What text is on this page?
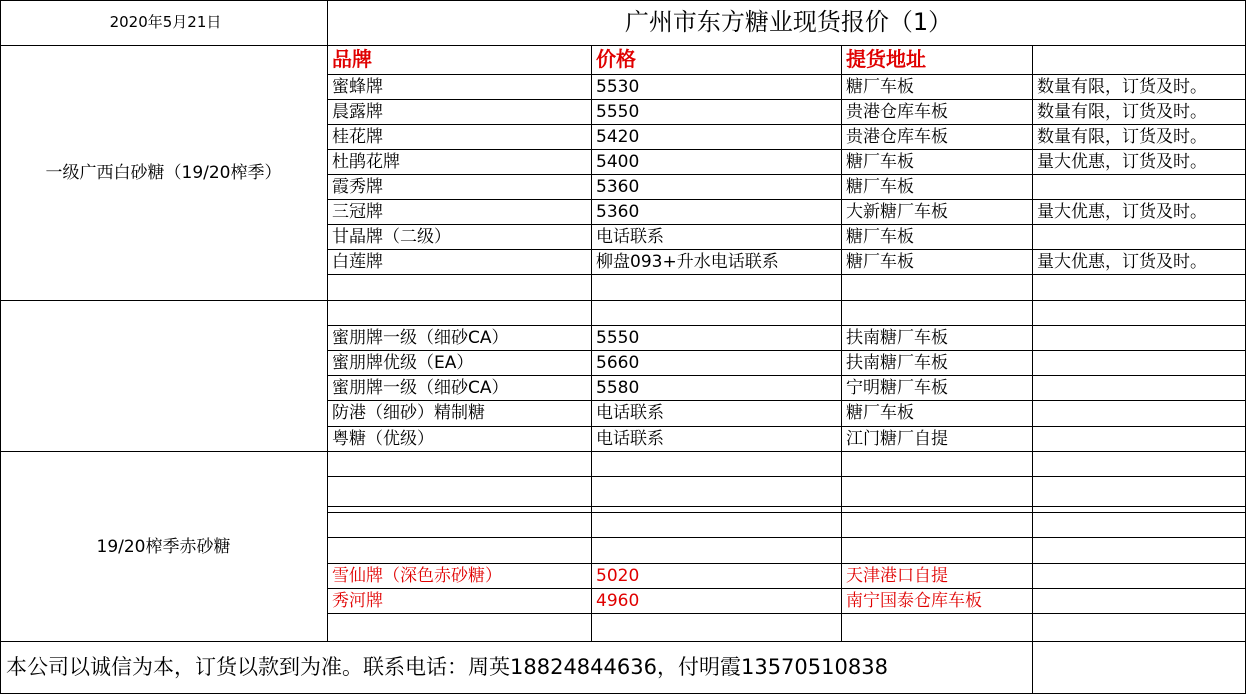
2020年5月21日	广州市东方糖业现货报价（1）
品牌	价格	提货地址
一级广西白砂糖（19/20榨季）
蜜蜂牌	5530	糖厂车板	数量有限，订货及时。
晨露牌	5550	贵港仓库车板	数量有限，订货及时。
桂花牌	5420	贵港仓库车板	数量有限，订货及时。
杜鹃花牌	5400	糖厂车板	量大优惠，订货及时。
霞秀牌	5360	糖厂车板
三冠牌	5360	大新糖厂车板	量大优惠，订货及时。
甘晶牌（二级）	电话联系	糖厂车板
白莲牌	柳盘093+升水电话联系	糖厂车板	量大优惠，订货及时。
蜜朋牌一级（细砂CA）	5550	扶南糖厂车板
蜜朋牌优级（EA）	5660	扶南糖厂车板
蜜朋牌一级（细砂CA）	5580	宁明糖厂车板
防港（细砂）精制糖	电话联系	糖厂车板
粤糖（优级）	电话联系	江门糖厂自提
19/20榨季赤砂糖
雪仙牌（深色赤砂糖）	5020	天津港口自提
秀河牌	4960	南宁国泰仓库车板
本公司以诚信为本，订货以款到为准。联系电话：周英18824844636，付明霞13570510838
